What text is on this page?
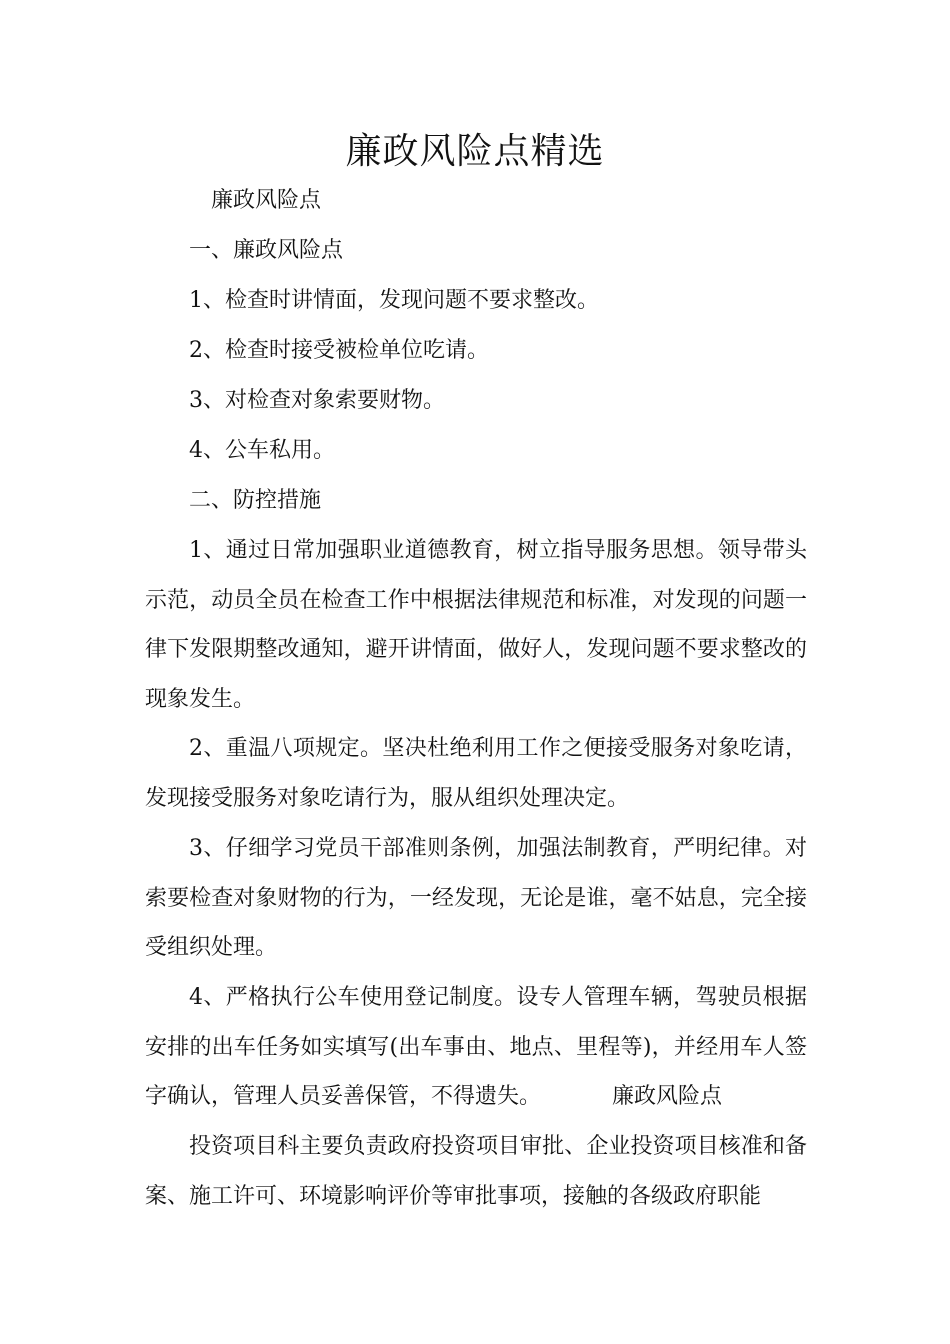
廉政风险点精选
廉政风险点
一、廉政风险点
1、检查时讲情面，发现问题不要求整改。
2、检查时接受被检单位吃请。
3、对检查对象索要财物。
4、公车私用。
二、防控措施
1、通过日常加强职业道德教育，树立指导服务思想。领导带头示范，动员全员在检查工作中根据法律规范和标准，对发现的问题一律下发限期整改通知，避开讲情面，做好人，发现问题不要求整改的现象发生。
2、重温八项规定。坚决杜绝利用工作之便接受服务对象吃请，发现接受服务对象吃请行为，服从组织处理决定。
3、仔细学习党员干部准则条例，加强法制教育，严明纪律。对索要检查对象财物的行为，一经发现，无论是谁，毫不姑息，完全接受组织处理。
4、严格执行公车使用登记制度。设专人管理车辆，驾驶员根据安排的出车任务如实填写(出车事由、地点、里程等)，并经用车人签字确认，管理人员妥善保管，不得遗失。	廉政风险点
投资项目科主要负责政府投资项目审批、企业投资项目核准和备案、施工许可、环境影响评价等审批事项，接触的各级政府职能
